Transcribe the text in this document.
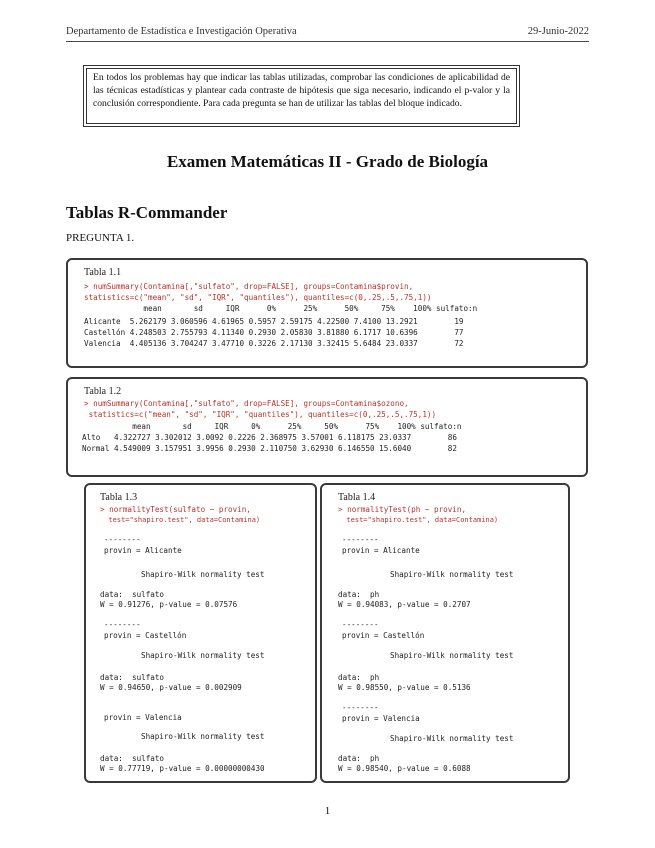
Departamento de Estadística e Investigación Operativa	29-Junio-2022
En todos los problemas hay que indicar las tablas utilizadas, comprobar las condiciones de aplicabilidad de las técnicas estadísticas y plantear cada contraste de hipótesis que siga necesario, indicando el p-valor y la conclusión correspondiente. Para cada pregunta se han de utilizar las tablas del bloque indicado.
Examen Matemáticas II - Grado de Biología
Tablas R-Commander
PREGUNTA 1.
Tabla 1.1
> numSummary(Contamina[,"sulfato", drop=FALSE], groups=Contamina$provin,
statistics=c("mean", "sd", "IQR", "quantiles"), quantiles=c(0,.25,.5,.75,1))
mean       sd     IQR      0%      25%      50%     75%    100% sulfato:n
Alicante  5.262179 3.060596 4.61965 0.5957 2.59175 4.22500 7.4100 13.2921        19
Castellón 4.248503 2.755793 4.11340 0.2930 2.05830 3.81880 6.1717 10.6396        77
Valencia  4.405136 3.704247 3.47710 0.3226 2.17130 3.32415 5.6484 23.0337        72
Tabla 1.2
> numSummary(Contamina[,"sulfato", drop=FALSE], groups=Contamina$ozono,
statistics=c("mean", "sd", "IQR", "quantiles"), quantiles=c(0,.25,.5,.75,1))
mean       sd     IQR     0%      25%     50%      75%    100% sulfato:n
Alto   4.322727 3.302012 3.0092 0.2226 2.368975 3.57001 6.118175 23.0337        86
Normal 4.549009 3.157951 3.9956 0.2930 2.110750 3.62930 6.146550 15.6040        82
Tabla 1.3
> normalityTest(sulfato ~ provin,
test="shapiro.test", data=Contamina)
--------
provin = Alicante
Shapiro-Wilk normality test
data:  sulfato
W = 0.91276, p-value = 0.07576
--------
provin = Castellón
Shapiro-Wilk normality test
data:  sulfato
W = 0.94650, p-value = 0.002909
provin = Valencia
Shapiro-Wilk normality test
data:  sulfato
W = 0.77719, p-value = 0.00000000430
Tabla 1.4
> normalityTest(ph ~ provin,
test="shapiro.test", data=Contamina)
--------
provin = Alicante
Shapiro-Wilk normality test
data:  ph
W = 0.94083, p-value = 0.2707
--------
provin = Castellón
Shapiro-Wilk normality test
data:  ph
W = 0.98550, p-value = 0.5136
--------
provin = Valencia
Shapiro-Wilk normality test
data:  ph
W = 0.98540, p-value = 0.6088
1
